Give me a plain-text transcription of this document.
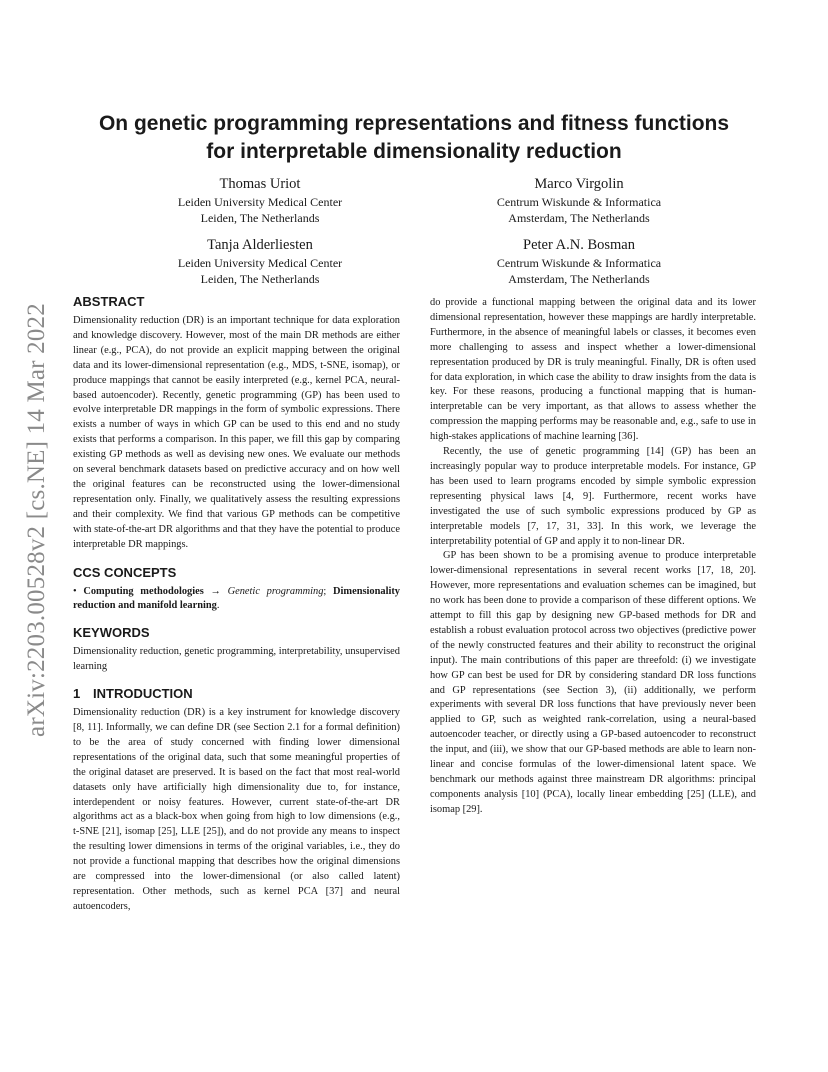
On genetic programming representations and fitness functions
for interpretable dimensionality reduction
Thomas Uriot
Leiden University Medical Center
Leiden, The Netherlands
Marco Virgolin
Centrum Wiskunde & Informatica
Amsterdam, The Netherlands
Tanja Alderliesten
Leiden University Medical Center
Leiden, The Netherlands
Peter A.N. Bosman
Centrum Wiskunde & Informatica
Amsterdam, The Netherlands
arXiv:2203.00528v2 [cs.NE] 14 Mar 2022
ABSTRACT

Dimensionality reduction (DR) is an important technique for data exploration and knowledge discovery. However, most of the main DR methods are either linear (e.g., PCA), do not provide an explicit mapping between the original data and its lower-dimensional representation (e.g., MDS, t-SNE, isomap), or produce mappings that cannot be easily interpreted (e.g., kernel PCA, neural-based autoencoder). Recently, genetic programming (GP) has been used to evolve interpretable DR mappings in the form of symbolic expressions. There exists a number of ways in which GP can be used to this end and no study exists that performs a comparison. In this paper, we fill this gap by comparing existing GP methods as well as devising new ones. We evaluate our methods on several benchmark datasets based on predictive accuracy and on how well the original features can be reconstructed using the lower-dimensional representation only. Finally, we qualitatively assess the resulting expressions and their complexity. We find that various GP methods can be competitive with state-of-the-art DR algorithms and that they have the potential to produce interpretable DR mappings.

CCS CONCEPTS

• Computing methodologies → Genetic programming; Dimensionality reduction and manifold learning.

KEYWORDS

Dimensionality reduction, genetic programming, interpretability, unsupervised learning

1 INTRODUCTION

Dimensionality reduction (DR) is a key instrument for knowledge discovery [8, 11]. Informally, we can define DR (see Section 2.1 for a formal definition) to be the area of study concerned with finding lower dimensional representations of the original data, such that some meaningful properties of the original dataset are preserved. It is based on the fact that most real-world datasets only have artificially high dimensionality due to, for instance, interdependent or noisy features. However, current state-of-the-art DR algorithms act as a black-box when going from high to low dimensions (e.g., t-SNE [21], isomap [25], LLE [25]), and do not provide any means to inspect the resulting lower dimensions in terms of the original variables, i.e., they do not provide a functional mapping that describes how the original dimensions are compressed into the lower-dimensional (or also called latent) representation. Other methods, such as kernel PCA [37] and neural autoencoders,

do provide a functional mapping between the original data and its lower dimensional representation, however these mappings are hardly interpretable. Furthermore, in the absence of meaningful labels or classes, it becomes even more challenging to assess and inspect whether a lower-dimensional representation produced by DR is truly meaningful. Finally, DR is often used for data exploration, in which case the ability to draw insights from the data is key. For these reasons, producing a functional mapping that is human-interpretable can be very important, as that allows to assess whether the compression the mapping performs may be reasonable and, e.g., safe to use in high-stakes applications of machine learning [36].

Recently, the use of genetic programming [14] (GP) has been an increasingly popular way to produce interpretable models. For instance, GP has been used to learn programs encoded by simple symbolic expression representing physical laws [4, 9]. Furthermore, recent works have investigated the use of such symbolic expressions produced by GP as interpretable models [7, 17, 31, 33]. In this work, we leverage the interpretability potential of GP and apply it to non-linear DR.

GP has been shown to be a promising avenue to produce interpretable lower-dimensional representations in several recent works [17, 18, 20]. However, more representations and evaluation schemes can be imagined, but no work has been done to provide a comparison of these different options. We attempt to fill this gap by designing new GP-based methods for DR and establish a robust evaluation protocol across two objectives (predictive power of the newly constructed features and their ability to reconstruct the original input). The main contributions of this paper are threefold: (i) we investigate how GP can best be used for DR by considering standard DR loss functions and GP representations (see Section 3), (ii) additionally, we perform experiments with several DR loss functions that have previously never been applied to GP, such as weighted rank-correlation, using a neural-based autoencoder teacher, or directly using a GP-based autoencoder to reconstruct the input, and (iii), we show that our GP-based methods are able to learn non-linear and concise formulas of the lower-dimensional latent space. We benchmark our methods against three mainstream DR algorithms: principal components analysis [10] (PCA), locally linear embedding [25] (LLE), and isomap [29].
